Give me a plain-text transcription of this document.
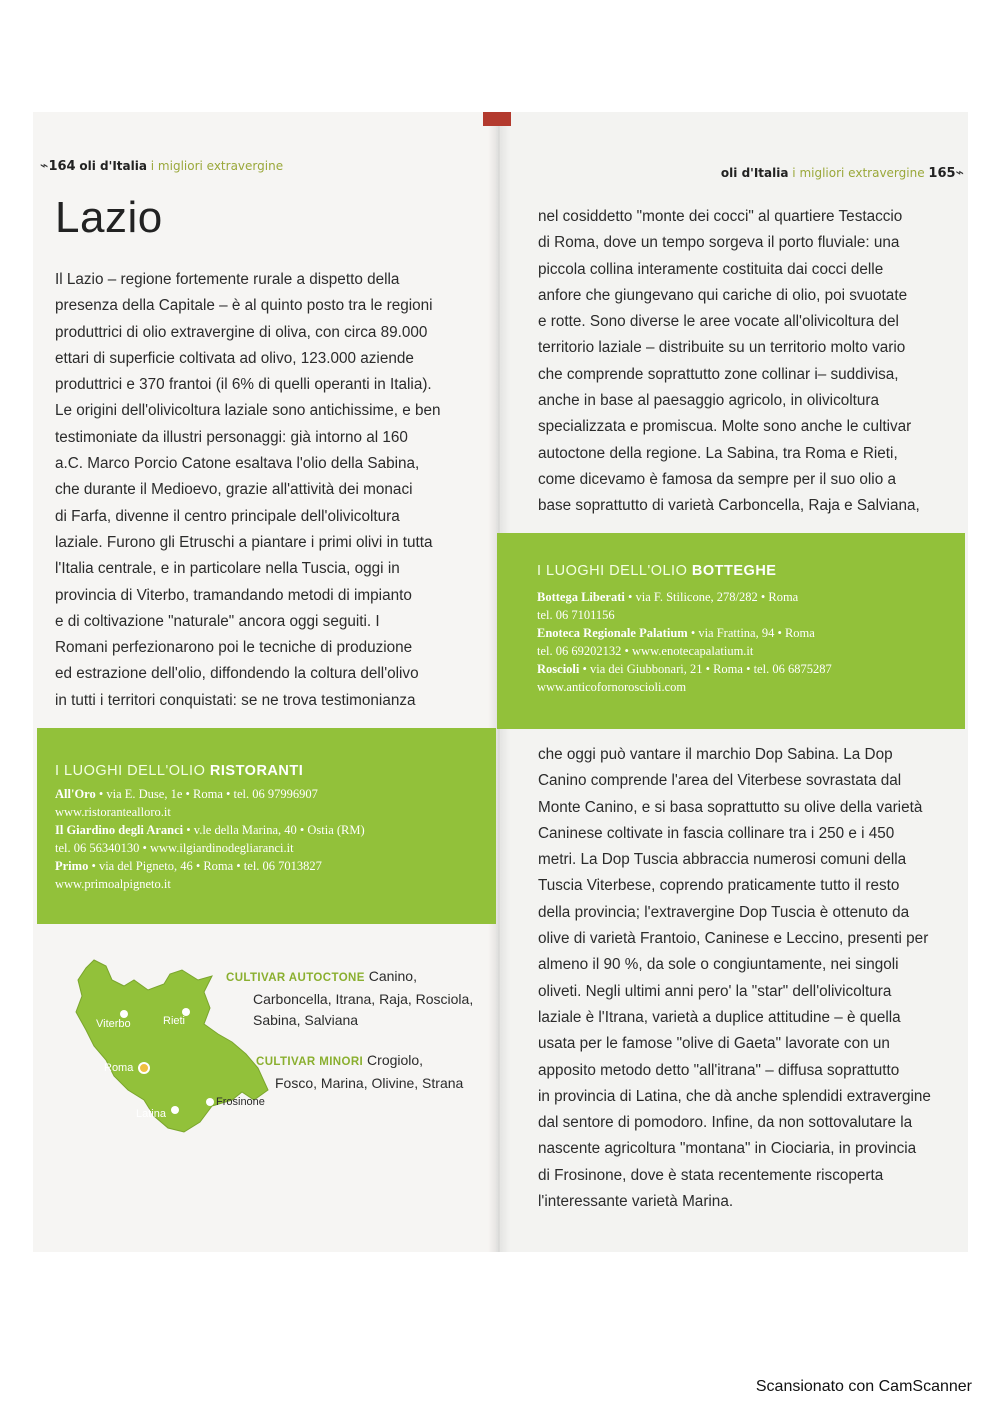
⌁164 oli d'Italia i migliori extravergine	oli d'Italia i migliori extravergine 165⌁
Lazio
Il Lazio – regione fortemente rurale a dispetto della
presenza della Capitale – è al quinto posto tra le regioni
produttrici di olio extravergine di oliva, con circa 89.000
ettari di superficie coltivata ad olivo, 123.000 aziende
produttrici e 370 frantoi (il 6% di quelli operanti in Italia).
Le origini dell'olivicoltura laziale sono antichissime, e ben
testimoniate da illustri personaggi: già intorno al 160
a.C. Marco Porcio Catone esaltava l'olio della Sabina,
che durante il Medioevo, grazie all'attività dei monaci
di Farfa, divenne il centro principale dell'olivicoltura
laziale. Furono gli Etruschi a piantare i primi olivi in tutta
l'Italia centrale, e in particolare nella Tuscia, oggi in
provincia di Viterbo, tramandando metodi di impianto
e di coltivazione "naturale" ancora oggi seguiti. I
Romani perfezionarono poi le tecniche di produzione
ed estrazione dell'olio, diffondendo la coltura dell'olivo
in tutti i territori conquistati: se ne trova testimonianza
nel cosiddetto "monte dei cocci" al quartiere Testaccio
di Roma, dove un tempo sorgeva il porto fluviale: una
piccola collina interamente costituita dai cocci delle
anfore che giungevano qui cariche di olio, poi svuotate
e rotte. Sono diverse le aree vocate all'olivicoltura del
territorio laziale – distribuite su un territorio molto vario
che comprende soprattutto zone collinar i– suddivisa,
anche in base al paesaggio agricolo, in olivicoltura
specializzata e promiscua. Molte sono anche le cultivar
autoctone della regione. La Sabina, tra Roma e Rieti,
come dicevamo è famosa da sempre per il suo olio a
base soprattutto di varietà Carboncella, Raja e Salviana,
I LUOGHI DELL'OLIO BOTTEGHE
Bottega Liberati • via F. Stilicone, 278/282 • Roma
tel. 06 7101156
Enoteca Regionale Palatium • via Frattina, 94 • Roma
tel. 06 69202132 • www.enotecapalatium.it
Roscioli • via dei Giubbonari, 21 • Roma • tel. 06 6875287
www.anticofornoroscioli.com
I LUOGHI DELL'OLIO RISTORANTI
All'Oro • via E. Duse, 1e • Roma • tel. 06 97996907
www.ristorantealloro.it
Il Giardino degli Aranci • v.le della Marina, 40 • Ostia (RM)
tel. 06 56340130 • www.ilgiardinodegliaranci.it
Primo • via del Pigneto, 46 • Roma • tel. 06 7013827
www.primoalpigneto.it
che oggi può vantare il marchio Dop Sabina. La Dop
Canino comprende l'area del Viterbese sovrastata dal
Monte Canino, e si basa soprattutto su olive della varietà
Caninese coltivate in fascia collinare tra i 250 e i 450
metri. La Dop Tuscia abbraccia numerosi comuni della
Tuscia Viterbese, coprendo praticamente tutto il resto
della provincia; l'extravergine Dop Tuscia è ottenuto da
olive di varietà Frantoio, Caninese e Leccino, presenti per
almeno il 90 %, da sole o congiuntamente, nei singoli
oliveti. Negli ultimi anni pero' la "star" dell'olivicoltura
laziale è l'Itrana, varietà a duplice attitudine – è quella
usata per le famose "olive di Gaeta" lavorate con un
apposito metodo detto "all'itrana" – diffusa soprattutto
in provincia di Latina, che dà anche splendidi extravergine
dal sentore di pomodoro. Infine, da non sottovalutare la
nascente agricoltura "montana" in Ciociaria, in provincia
di Frosinone, dove è stata recentemente riscoperta
l'interessante varietà Marina.
Viterbo	Rieti
Roma
Latina
Frosinone
CULTIVAR AUTOCTONE Canino,
Carboncella, Itrana, Raja, Rosciola,
Sabina, Salviana
CULTIVAR MINORI Crogiolo,
Fosco, Marina, Olivine, Strana
Scansionato con CamScanner
